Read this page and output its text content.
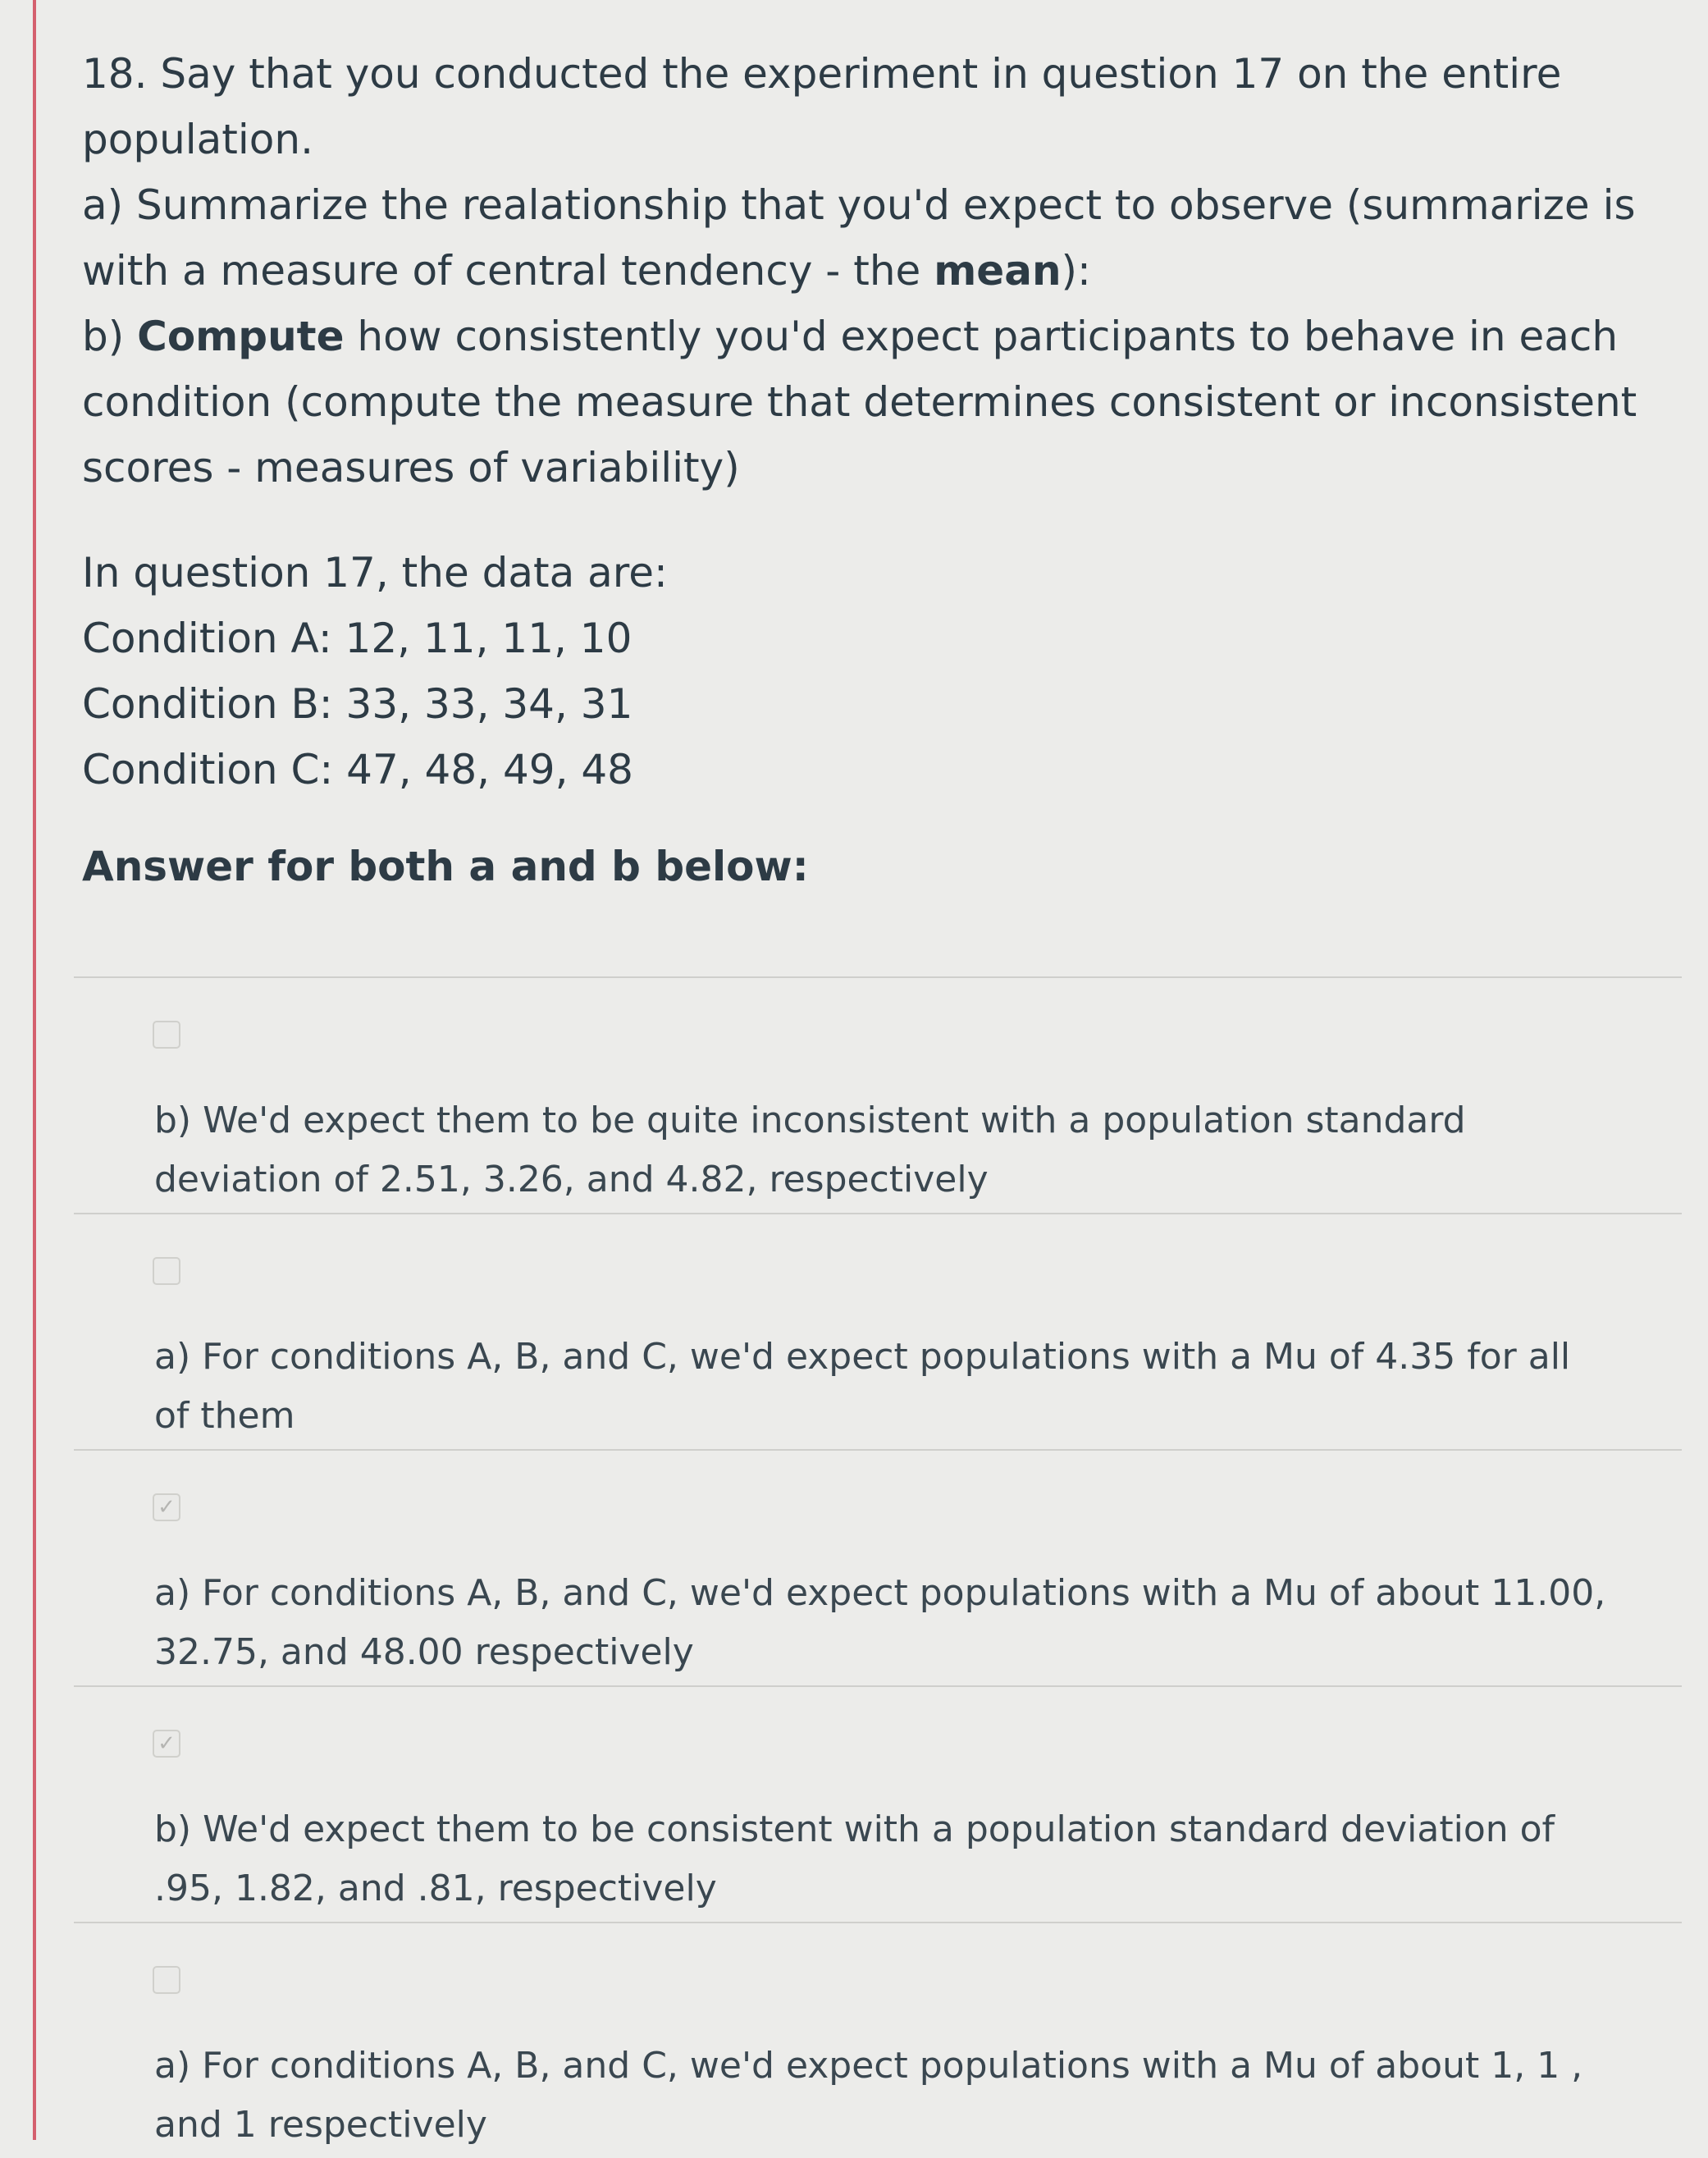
18. Say that you conducted the experiment in question 17 on the entire population.

a) Summarize the realationship that you'd expect to observe (summarize is with a measure of central tendency - the mean):

b) Compute how consistently you'd expect participants to behave in each condition (compute the measure that determines consistent or inconsistent scores - measures of variability)

In question 17, the data are:

Condition A: 12, 11, 11, 10

Condition B: 33, 33, 34, 31

Condition C: 47, 48, 49, 48

Answer for both a and b below:
b) We'd expect them to be quite inconsistent with a population standard deviation of 2.51, 3.26, and 4.82, respectively
a) For conditions A, B, and C, we'd expect populations with a Mu of 4.35 for all of them
✓
a) For conditions A, B, and C, we'd expect populations with a Mu of about 11.00, 32.75, and 48.00 respectively
✓
b) We'd expect them to be consistent with a population standard deviation of .95, 1.82, and .81, respectively
a) For conditions A, B, and C, we'd expect populations with a Mu of about 1, 1 , and 1 respectively
